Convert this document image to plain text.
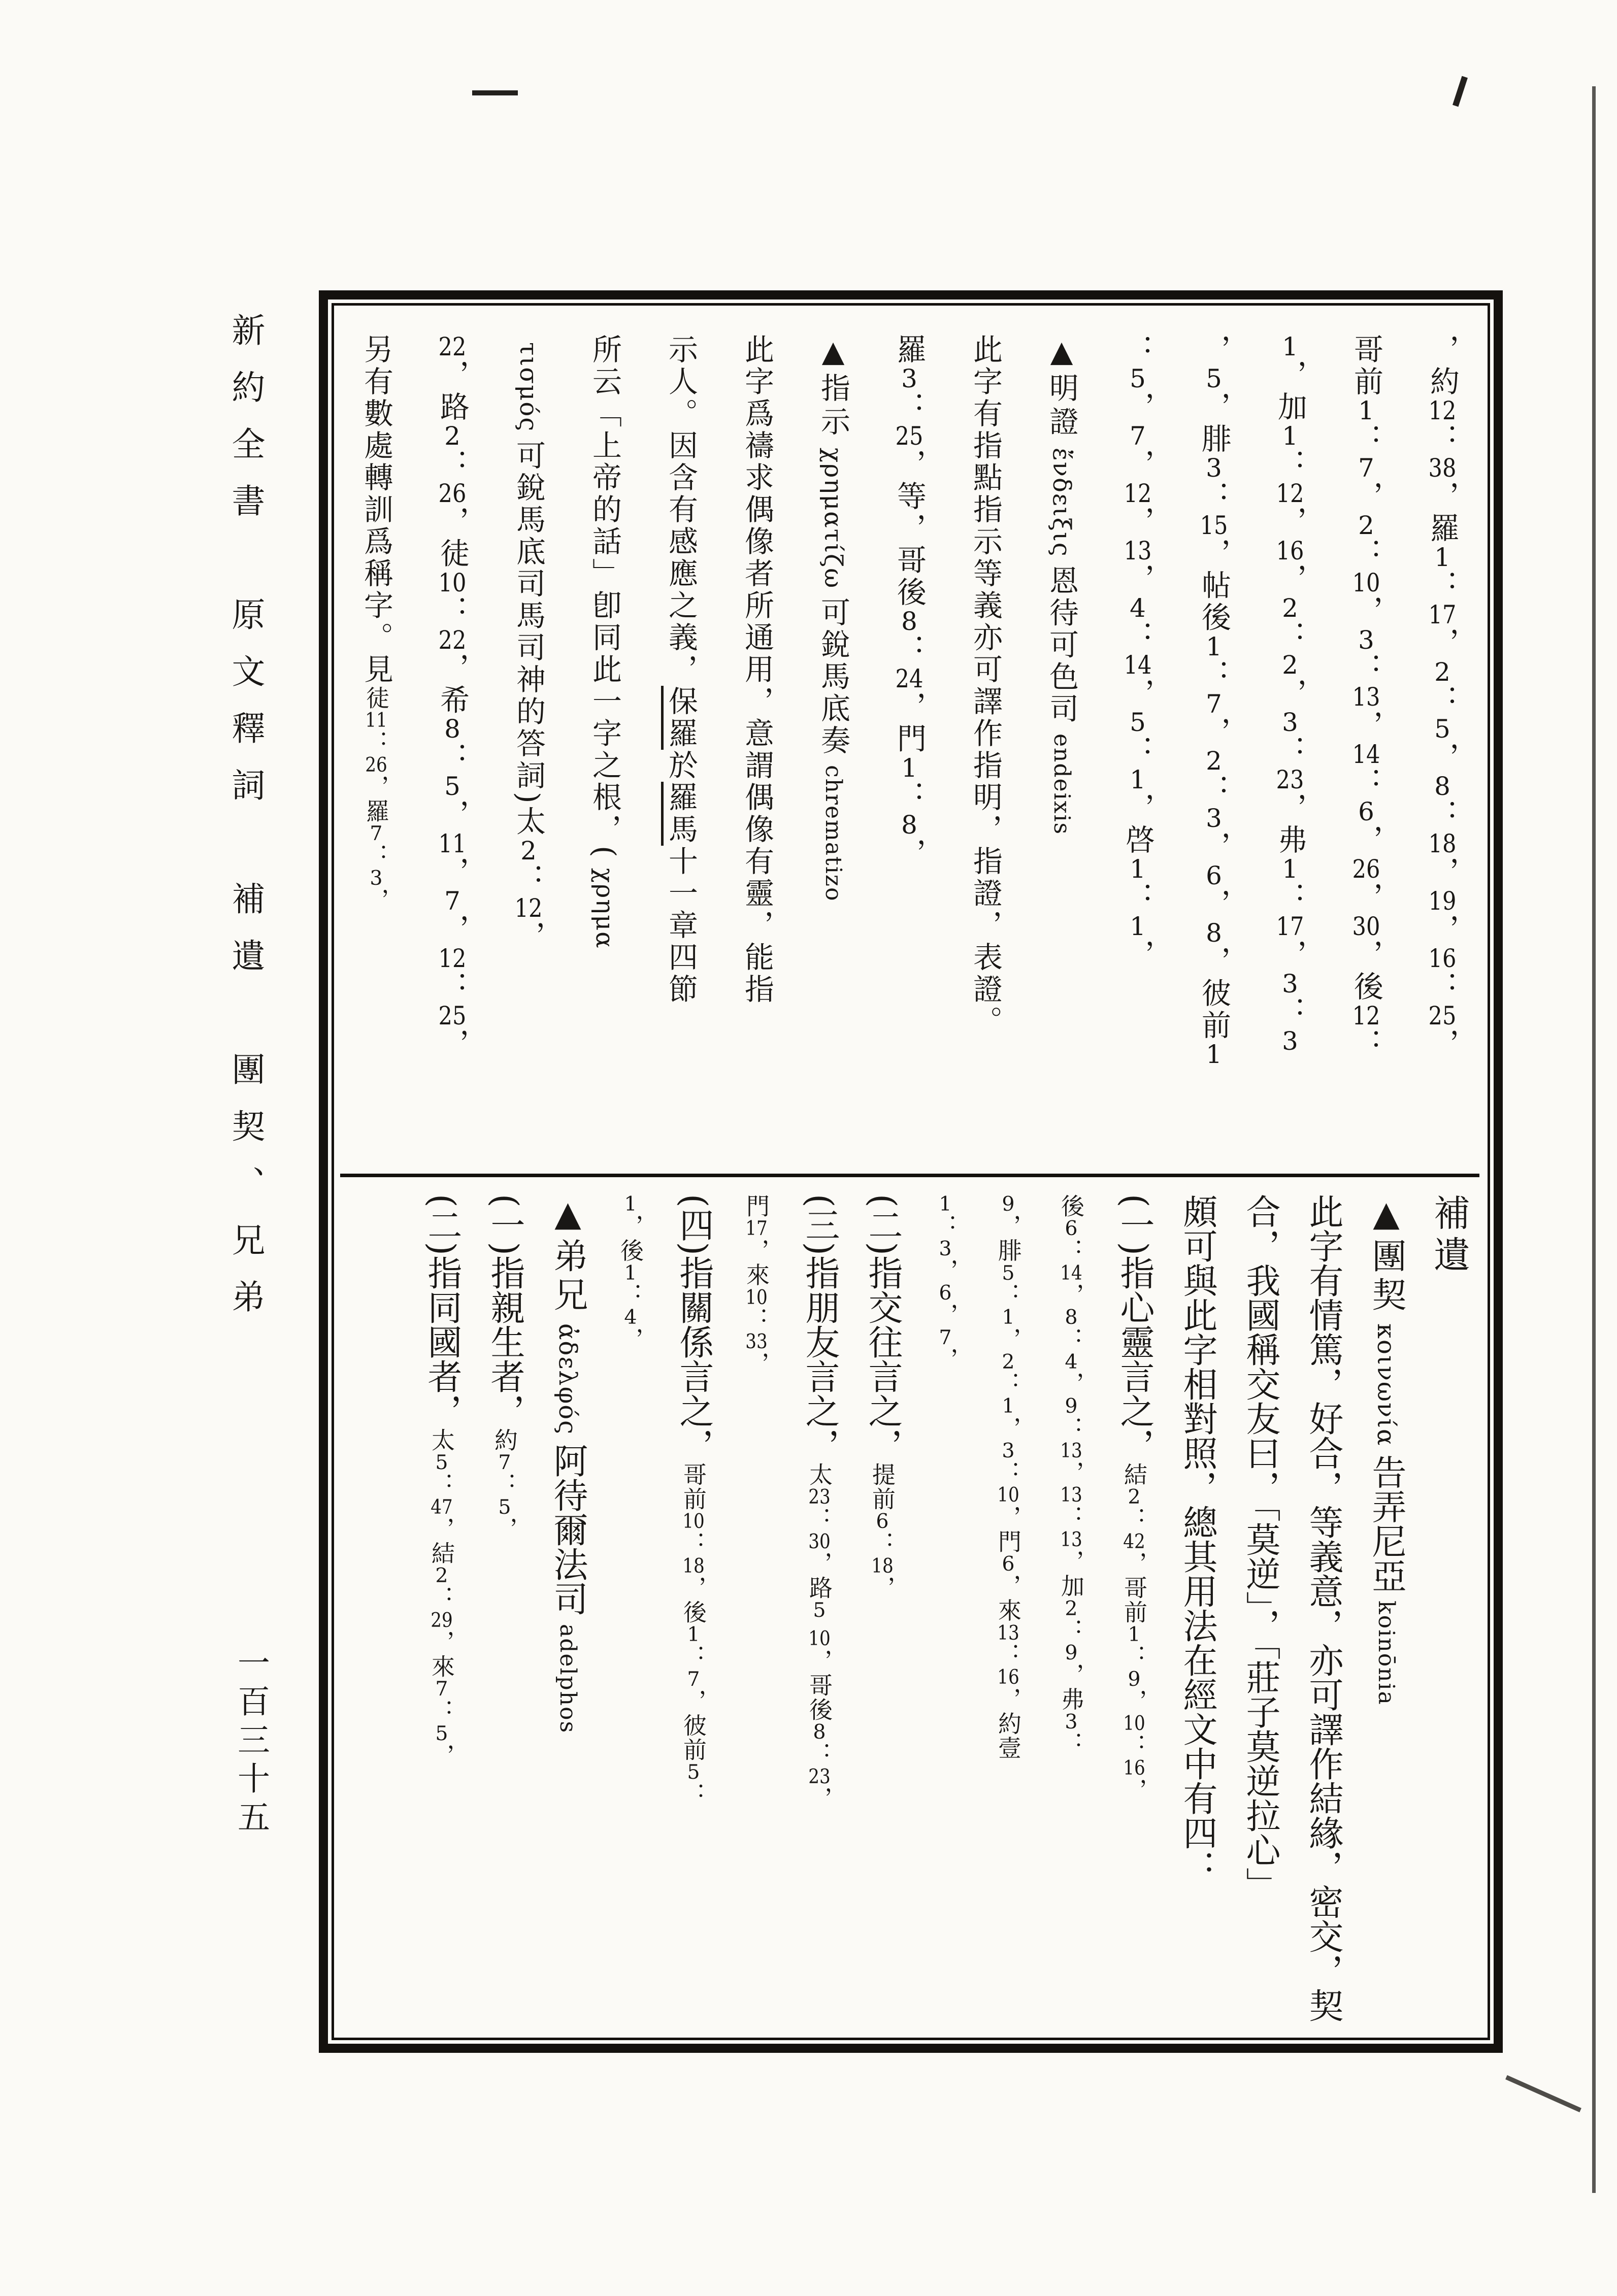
新約全書　原文釋詞　補遺　團契、兄弟
一百三十五
，約12：38，羅1：17，2：5，8：18，19，16：25，
哥前1：7，2：10，3：13，14：6，26，30，後12：
1，加1：12，16，2：2，3：23，弗1：17，3：3
，5，腓3：15，帖後1：7，2：3，6，8，彼前1
：5，7，12，13，4：14，5：1，啓1：1，
▲明證ἔνδειξις恩待可色司endeixis
此字有指點指示等義亦可譯作指明，指證，表證。
羅3：25，等，哥後8：24，門1：8，
▲指示χρηματίζω可銳馬底奏chrematizo
此字爲禱求偶像者所通用，意謂偶像有靈，能指
示人。因含有感應之義，保羅於羅馬十一章四節
所云「上帝的話」卽同此一字之根，(χρημα
τισμός可銳馬底司馬司神的答詞)太2：12，
22，路2：26，徒10：22，希8：5，11，7，12：25，
另有數處轉訓爲稱字。見徒11：26，羅7：3，
補遺
▲團契κοινωνία告弄尼亞koinōnia
此字有情篤，好合，等義意，亦可譯作結緣，密交，契
合，我國稱交友曰，「莫逆」，「莊子莫逆拉心」
頗可與此字相對照，總其用法在經文中有四：
(一)指心靈言之，結2：42，哥前1：9，10：16，
後6：14，8：4，9：13，13：13，加2：9，弗3：
9，腓5：1，2：1，3：10，門6，來13：16，約壹
1：3，6，7，
(二)指交往言之，提前6：18，
(三)指朋友言之，太23：30，路5 10，哥後8：23，
門17，來10：33，
(四)指關係言之，哥前10：18，後1：7，彼前5：
1，後1：4，
▲弟兄ἀδελφός阿待爾法司adelphos
(一)指親生者，約7：5，
(二)指同國者，太5：47，結2：29，來7：5，
